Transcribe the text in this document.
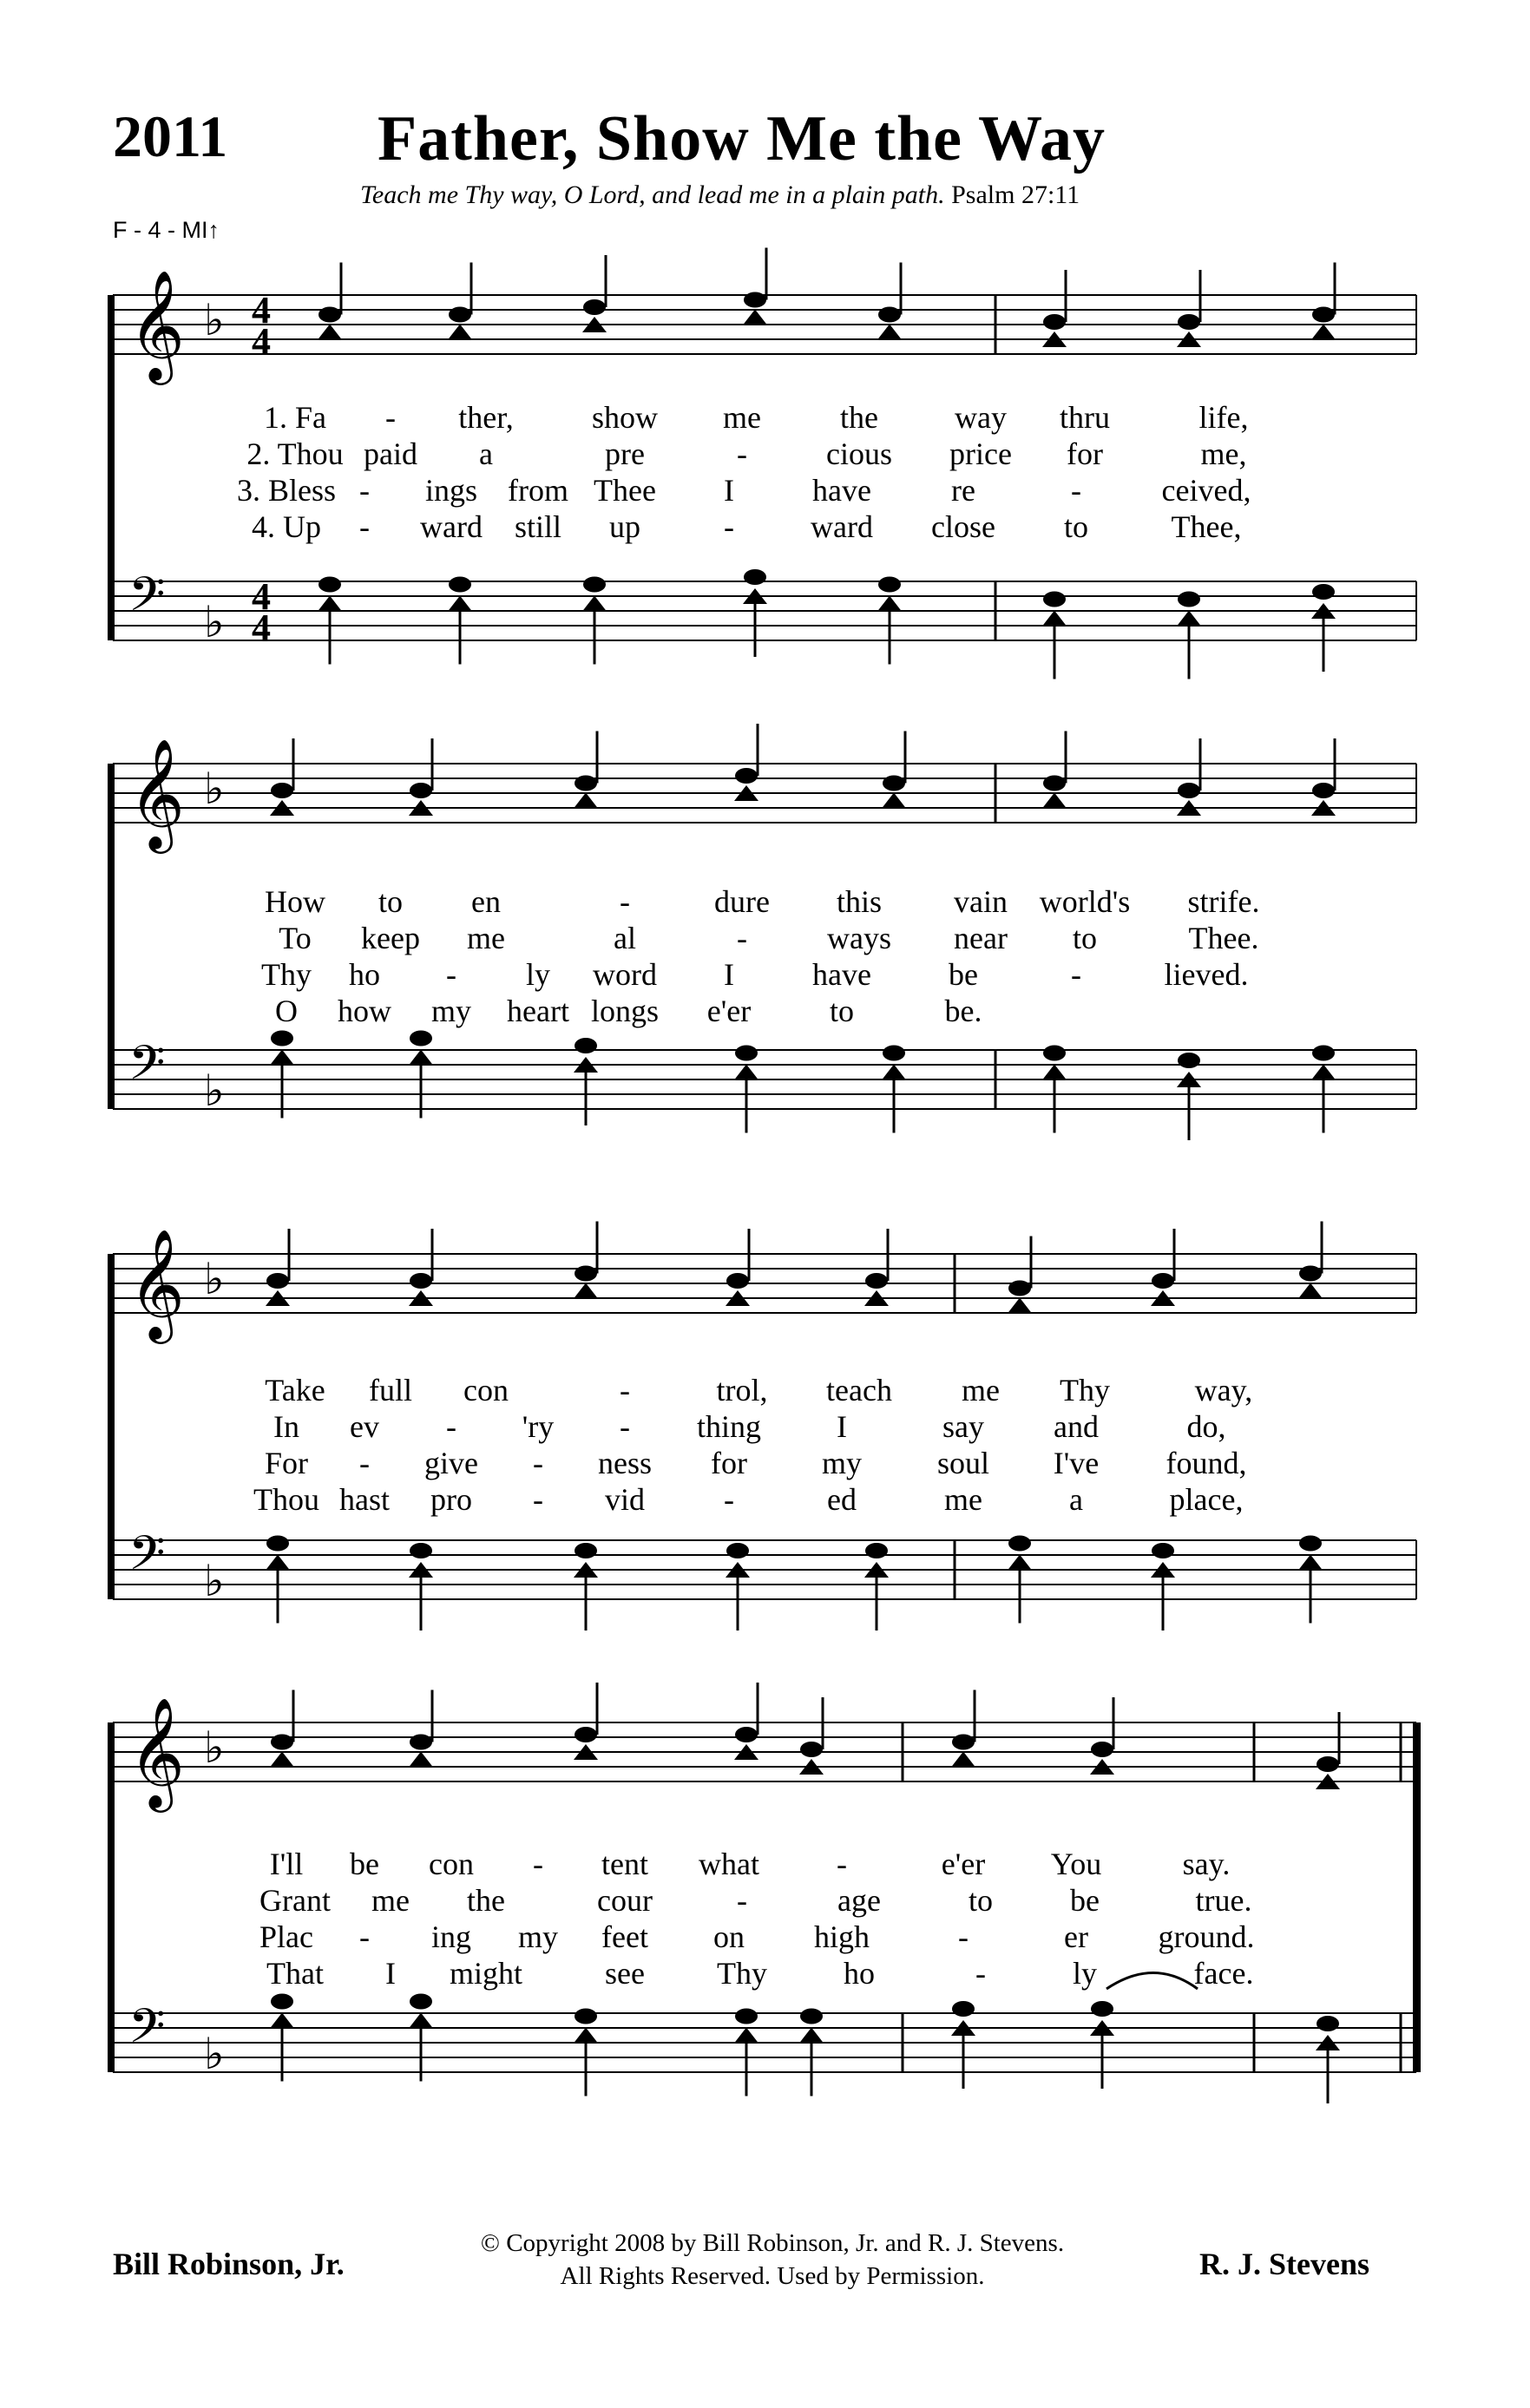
2011 Father, Show Me the Way
Teach me Thy way, O Lord, and lead me in a plain path. Psalm 27:11
F - 4 - MI↑
𝄞 ♭
𝄢 ♭
4
4
4
4
1. Fa - ther,	show me	the way thru	life,
2. Thou paid a	pre	-	cious price for	me,
3. Bless - ings from Thee I	have	re	-	ceived,
4. Up - ward still up	- ward close to	Thee,
𝄞 ♭
𝄢 ♭
How to en	-	dure this vain world's strife.
To keep me	al	-	ways near to	Thee.
Thy ho - ly word I	have be	-	lieved.
O how my heart longs e'er	to	be.
𝄞 ♭
𝄢 ♭
Take full con	-	trol, teach me Thy	way,
In ev - 'ry - thing I	say and	do,
For - give - ness for my soul I've found,
Thou hast pro - vid	-	ed	me	a	place,
𝄞 ♭
𝄢 ♭
I'll be con - tent what -	e'er You	say.
Grant me the	cour	-	age	to be	true.
Plac - ing my feet on high	-	er ground.
That I might	see Thy ho	-	ly	face.
Bill Robinson, Jr.
© Copyright 2008 by Bill Robinson, Jr. and R. J. Stevens.
All Rights Reserved. Used by Permission.	R. J. Stevens
